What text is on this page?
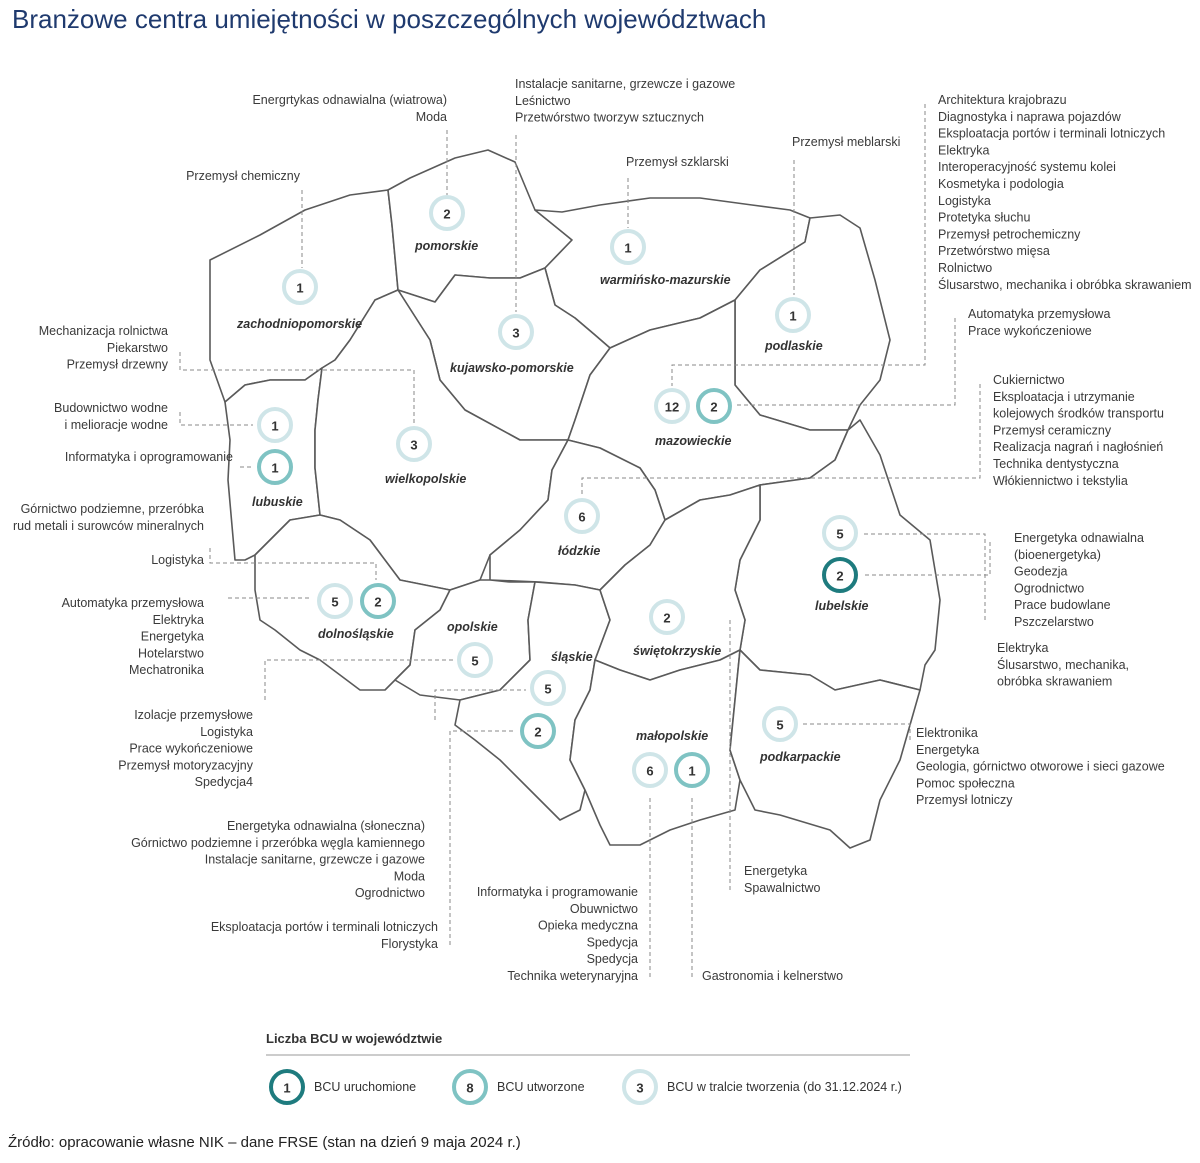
Branżowe centra umiejętności w poszczególnych województwach
zachodniopomorskie
pomorskie
warmińsko-mazurskie
podlaskie
kujawsko-pomorskie
lubuskie
wielkopolskie
mazowieckie
łódzkie
lubelskie
dolnośląskie	opolskie
śląskie	świętokrzyskie
małopolskie
podkarpackie
2
1
1
3
1
12 2
1
1
3
6
5
2
5	2
2
5
5
2	5
6	1
Przemysł chemiczny
Energrtykas odnawialna (wiatrowa)
Moda
Instalacje sanitarne, grzewcze i gazowe
Leśnictwo
Przetwórstwo tworzyw sztucznych
Przemysł szklarski
Przemysł meblarski
Architektura krajobrazu
Diagnostyka i naprawa pojazdów
Eksploatacja portów i terminali lotniczych
Elektryka
Interoperacyjność systemu kolei
Kosmetyka i podologia
Logistyka
Protetyka słuchu
Przemysł petrochemiczny
Przetwórstwo mięsa
Rolnictwo
Ślusarstwo, mechanika i obróbka skrawaniem
Automatyka przemysłowa
Prace wykończeniowe
Cukiernictwo
Eksploatacja i utrzymanie
kolejowych środków transportu
Przemysł ceramiczny
Realizacja nagrań i nagłośnień
Technika dentystyczna
Włókiennictwo i tekstylia
Mechanizacja rolnictwa
Piekarstwo
Przemysł drzewny
Budownictwo wodne
i melioracje wodne
Informatyka i oprogramowanie
Górnictwo podziemne, przeróbka
rud metali i surowców mineralnych
Logistyka
Automatyka przemysłowa
Elektryka
Energetyka
Hotelarstwo
Mechatronika
Energetyka odnawialna
(bioenergetyka)
Geodezja
Ogrodnictwo
Prace budowlane
Pszczelarstwo
Elektryka
Ślusarstwo, mechanika,
obróbka skrawaniem
Izolacje przemysłowe
Logistyka
Prace wykończeniowe
Przemysł motoryzacyjny
Spedycja4
Elektronika
Energetyka
Geologia, górnictwo otworowe i sieci gazowe
Pomoc społeczna
Przemysł lotniczy
Energetyka odnawialna (słoneczna)
Górnictwo podziemne i przeróbka węgla kamiennego
Instalacje sanitarne, grzewcze i gazowe
Moda
Ogrodnictwo
Eksploatacja portów i terminali lotniczych
Florystyka
Energetyka
Spawalnictwo
Informatyka i programowanie
Obuwnictwo
Opieka medyczna
Spedycja
Spedycja
Technika weterynaryjna	Gastronomia i kelnerstwo
Liczba BCU w województwie
1 BCU uruchomione	8 BCU utworzone	3 BCU w tralcie tworzenia (do 31.12.2024 r.)
Źródło: opracowanie własne NIK – dane FRSE (stan na dzień 9 maja 2024 r.)
